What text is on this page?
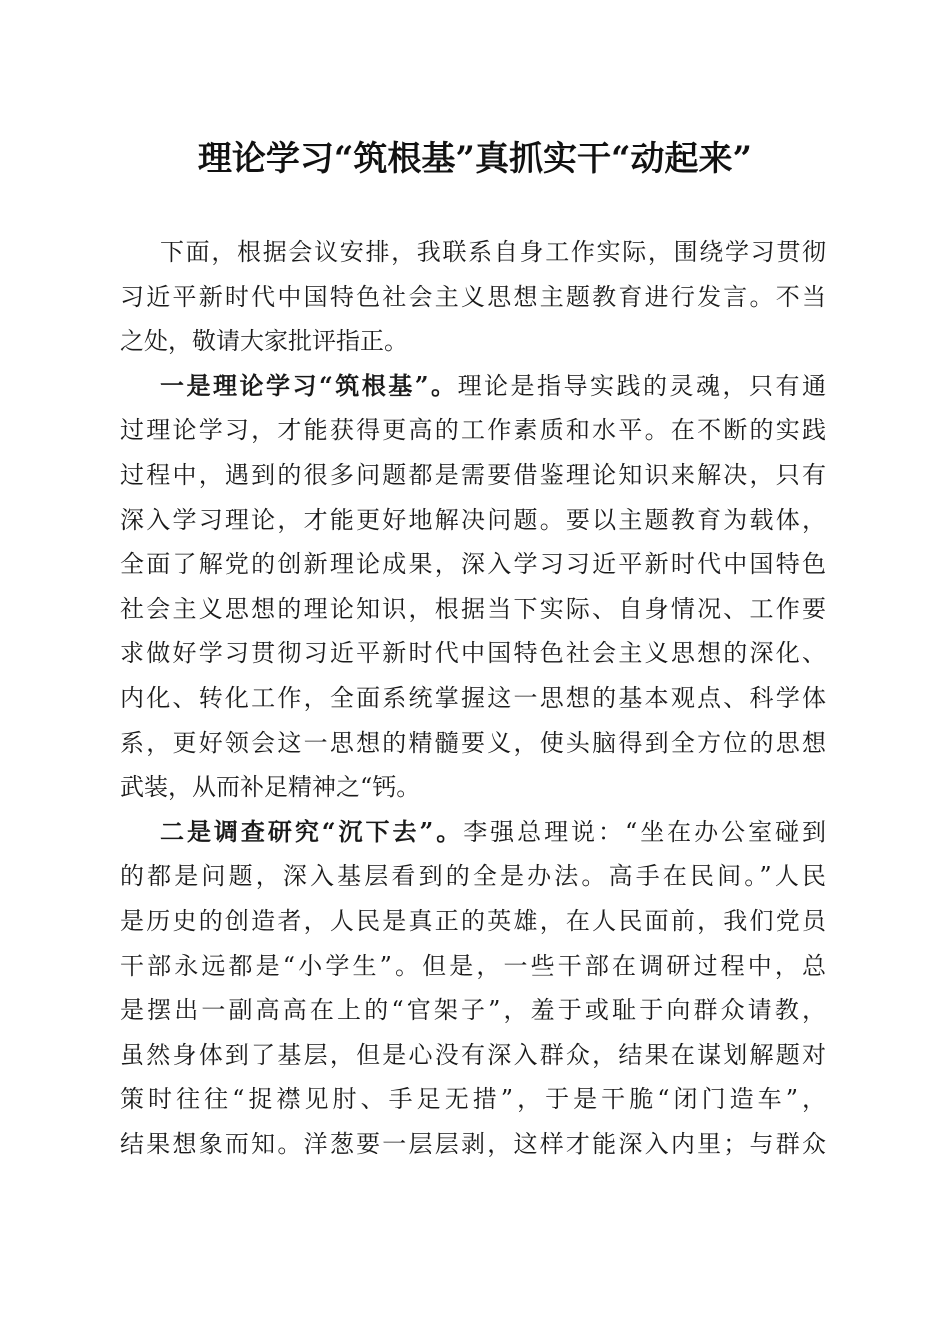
理论学习“筑根基”真抓实干“动起来”

下面，根据会议安排，我联系自身工作实际，围绕学习贯彻
习近平新时代中国特色社会主义思想主题教育进行发言。不当
之处，敬请大家批评指正。

一是理论学习“筑根基”。理论是指导实践的灵魂，只有通
过理论学习，才能获得更高的工作素质和水平。在不断的实践
过程中，遇到的很多问题都是需要借鉴理论知识来解决，只有
深入学习理论，才能更好地解决问题。要以主题教育为载体，
全面了解党的创新理论成果，深入学习习近平新时代中国特色
社会主义思想的理论知识，根据当下实际、自身情况、工作要
求做好学习贯彻习近平新时代中国特色社会主义思想的深化、
内化、转化工作，全面系统掌握这一思想的基本观点、科学体
系，更好领会这一思想的精髓要义，使头脑得到全方位的思想
武装，从而补足精神之“钙。

二是调查研究“沉下去”。李强总理说：“坐在办公室碰到
的都是问题，深入基层看到的全是办法。高手在民间。”人民
是历史的创造者，人民是真正的英雄，在人民面前，我们党员
干部永远都是“小学生”。但是，一些干部在调研过程中，总
是摆出一副高高在上的“官架子”，羞于或耻于向群众请教，
虽然身体到了基层，但是心没有深入群众，结果在谋划解题对
策时往往“捉襟见肘、手足无措”，于是干脆“闭门造车”，
结果想象而知。洋葱要一层层剥，这样才能深入内里；与群众
